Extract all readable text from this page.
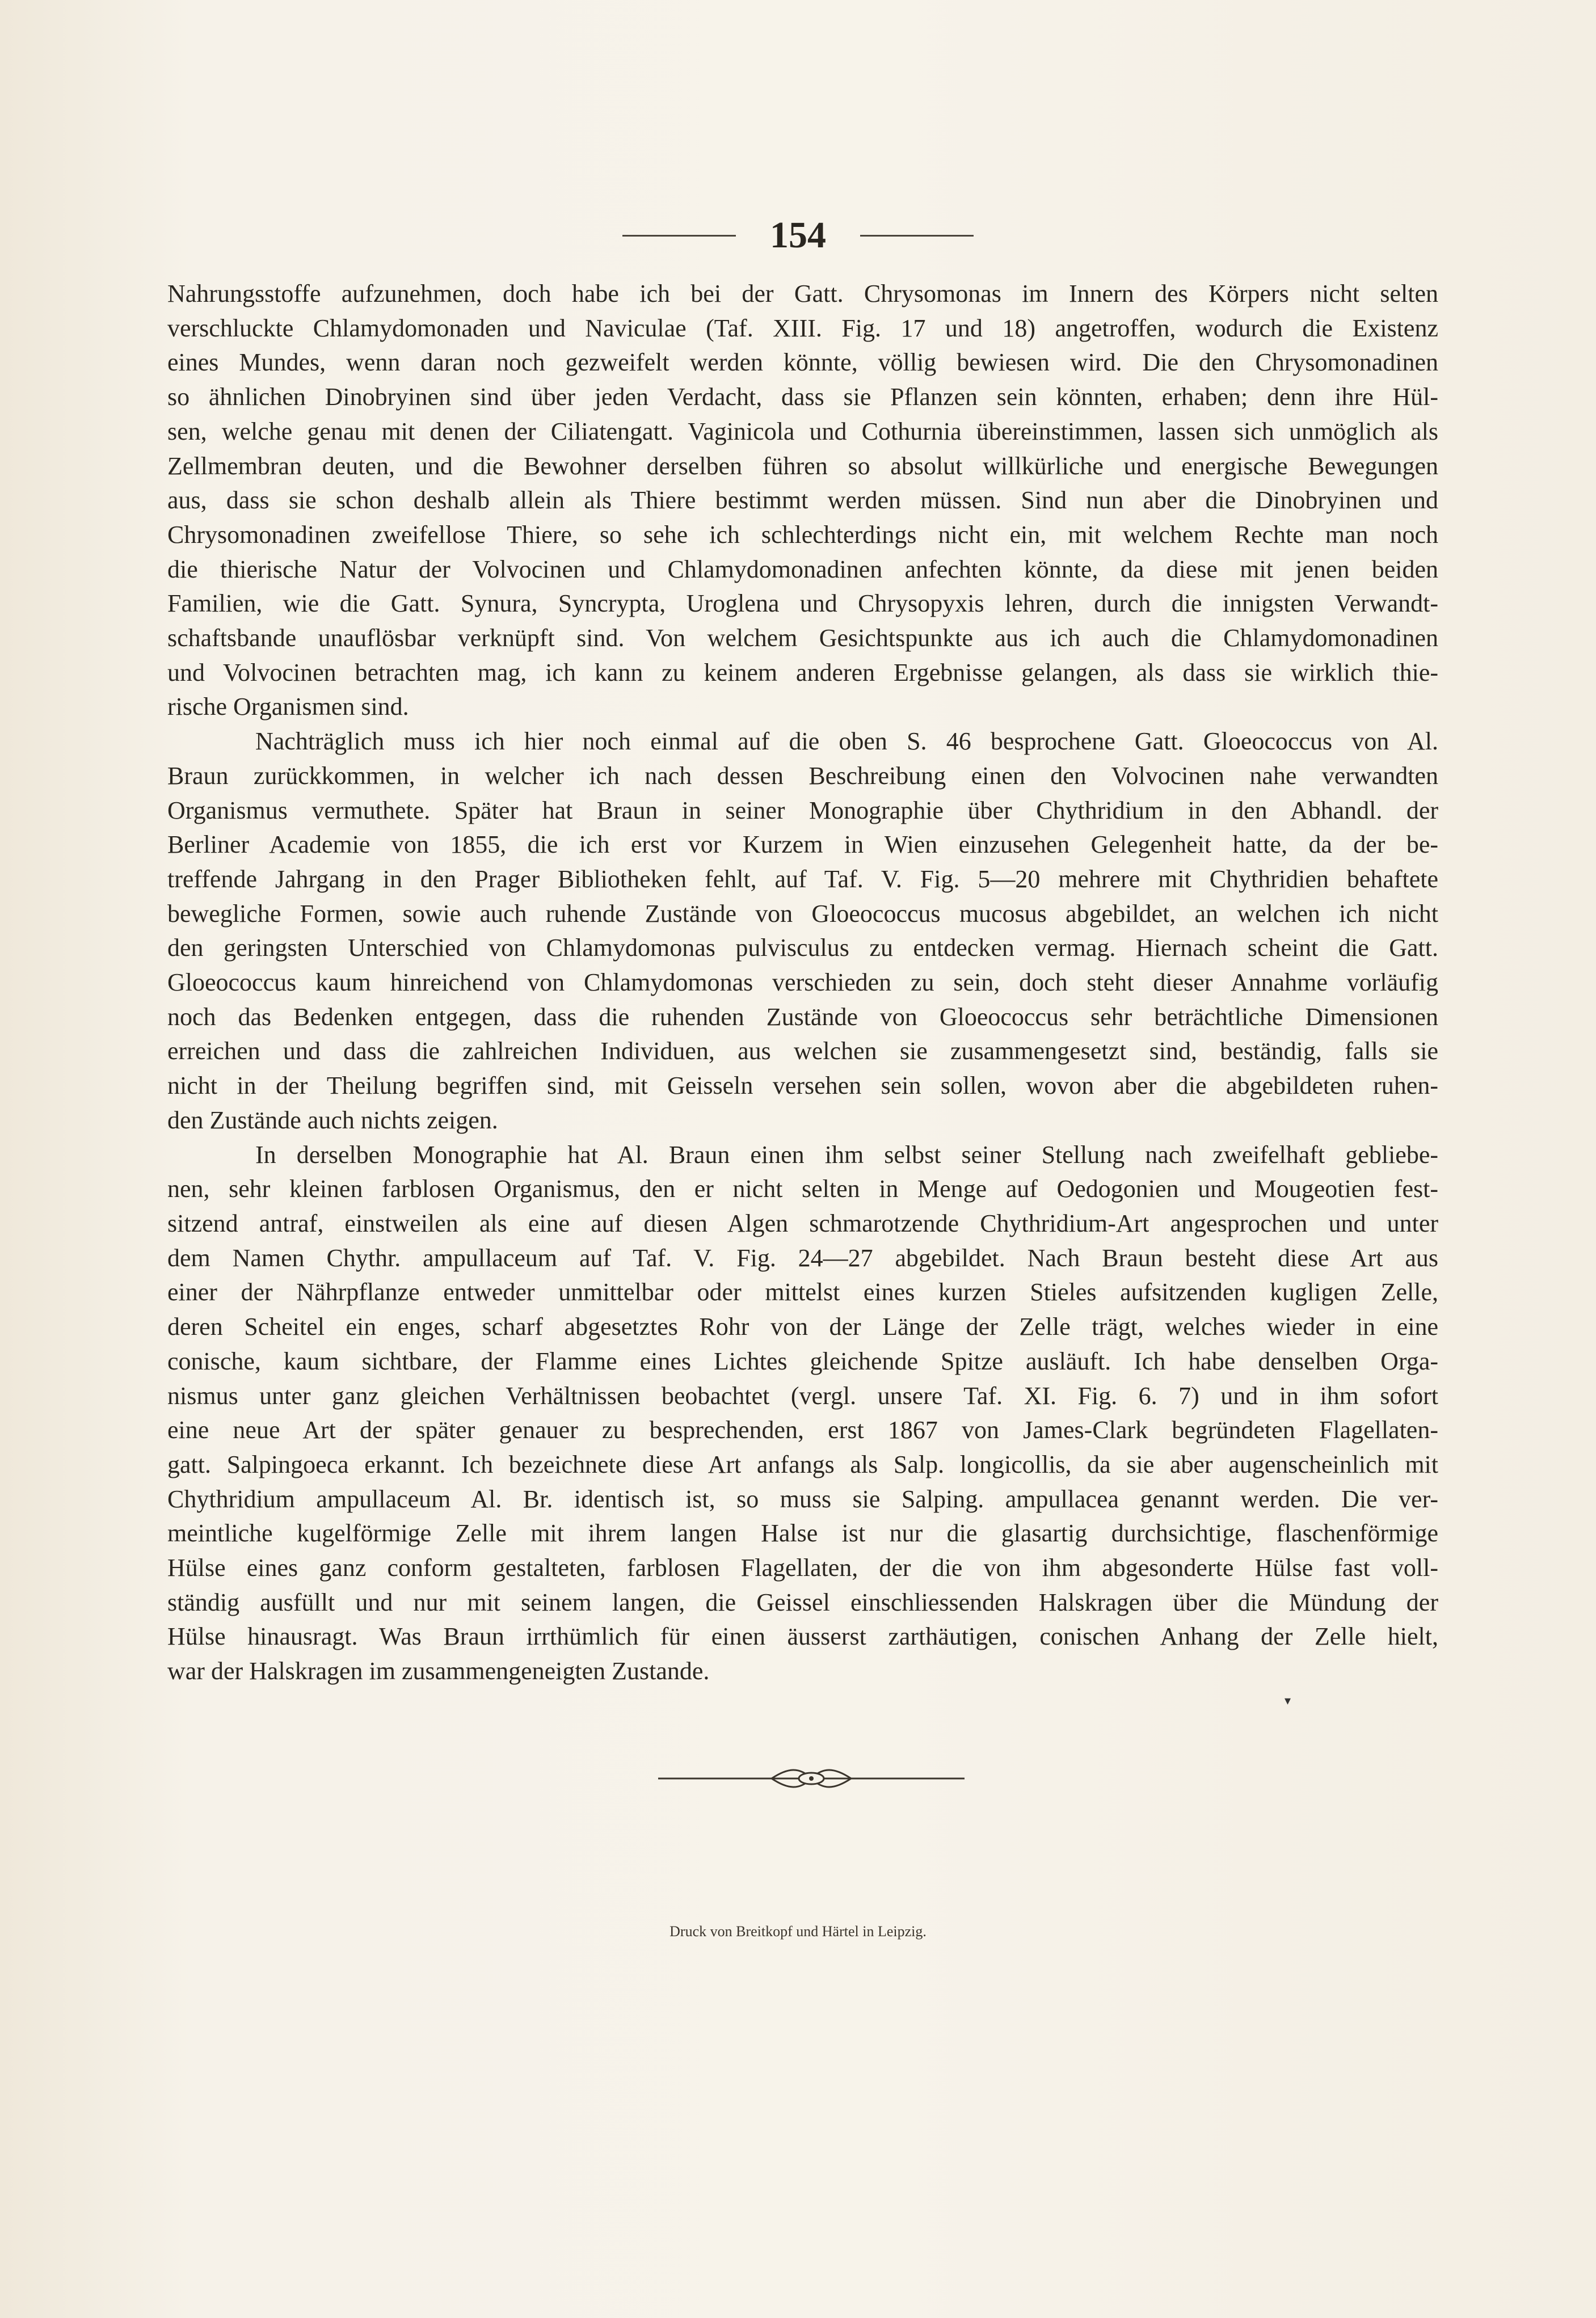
154
Nahrungsstoffe aufzunehmen, doch habe ich bei der Gatt. Chrysomonas im Innern des Körpers nicht selten
verschluckte Chlamydomonaden und Naviculae (Taf. XIII. Fig. 17 und 18) angetroffen, wodurch die Existenz
eines Mundes, wenn daran noch gezweifelt werden könnte, völlig bewiesen wird. Die den Chrysomonadinen
so ähnlichen Dinobryinen sind über jeden Verdacht, dass sie Pflanzen sein könnten, erhaben; denn ihre Hül-
sen, welche genau mit denen der Ciliatengatt. Vaginicola und Cothurnia übereinstimmen, lassen sich unmöglich als
Zellmembran deuten, und die Bewohner derselben führen so absolut willkürliche und energische Bewegungen
aus, dass sie schon deshalb allein als Thiere bestimmt werden müssen. Sind nun aber die Dinobryinen und
Chrysomonadinen zweifellose Thiere, so sehe ich schlechterdings nicht ein, mit welchem Rechte man noch
die thierische Natur der Volvocinen und Chlamydomonadinen anfechten könnte, da diese mit jenen beiden
Familien, wie die Gatt. Synura, Syncrypta, Uroglena und Chrysopyxis lehren, durch die innigsten Verwandt-
schaftsbande unauflösbar verknüpft sind. Von welchem Gesichtspunkte aus ich auch die Chlamydomonadinen
und Volvocinen betrachten mag, ich kann zu keinem anderen Ergebnisse gelangen, als dass sie wirklich thie-
rische Organismen sind.
Nachträglich muss ich hier noch einmal auf die oben S. 46 besprochene Gatt. Gloeococcus von Al.
Braun zurückkommen, in welcher ich nach dessen Beschreibung einen den Volvocinen nahe verwandten
Organismus vermuthete. Später hat Braun in seiner Monographie über Chythridium in den Abhandl. der
Berliner Academie von 1855, die ich erst vor Kurzem in Wien einzusehen Gelegenheit hatte, da der be-
treffende Jahrgang in den Prager Bibliotheken fehlt, auf Taf. V. Fig. 5—20 mehrere mit Chythridien behaftete
bewegliche Formen, sowie auch ruhende Zustände von Gloeococcus mucosus abgebildet, an welchen ich nicht
den geringsten Unterschied von Chlamydomonas pulvisculus zu entdecken vermag. Hiernach scheint die Gatt.
Gloeococcus kaum hinreichend von Chlamydomonas verschieden zu sein, doch steht dieser Annahme vorläufig
noch das Bedenken entgegen, dass die ruhenden Zustände von Gloeococcus sehr beträchtliche Dimensionen
erreichen und dass die zahlreichen Individuen, aus welchen sie zusammengesetzt sind, beständig, falls sie
nicht in der Theilung begriffen sind, mit Geisseln versehen sein sollen, wovon aber die abgebildeten ruhen-
den Zustände auch nichts zeigen.
In derselben Monographie hat Al. Braun einen ihm selbst seiner Stellung nach zweifelhaft gebliebe-
nen, sehr kleinen farblosen Organismus, den er nicht selten in Menge auf Oedogonien und Mougeotien fest-
sitzend antraf, einstweilen als eine auf diesen Algen schmarotzende Chythridium-Art angesprochen und unter
dem Namen Chythr. ampullaceum auf Taf. V. Fig. 24—27 abgebildet. Nach Braun besteht diese Art aus
einer der Nährpflanze entweder unmittelbar oder mittelst eines kurzen Stieles aufsitzenden kugligen Zelle,
deren Scheitel ein enges, scharf abgesetztes Rohr von der Länge der Zelle trägt, welches wieder in eine
conische, kaum sichtbare, der Flamme eines Lichtes gleichende Spitze ausläuft. Ich habe denselben Orga-
nismus unter ganz gleichen Verhältnissen beobachtet (vergl. unsere Taf. XI. Fig. 6. 7) und in ihm sofort
eine neue Art der später genauer zu besprechenden, erst 1867 von James-Clark begründeten Flagellaten-
gatt. Salpingoeca erkannt. Ich bezeichnete diese Art anfangs als Salp. longicollis, da sie aber augenscheinlich mit
Chythridium ampullaceum Al. Br. identisch ist, so muss sie Salping. ampullacea genannt werden. Die ver-
meintliche kugelförmige Zelle mit ihrem langen Halse ist nur die glasartig durchsichtige, flaschenförmige
Hülse eines ganz conform gestalteten, farblosen Flagellaten, der die von ihm abgesonderte Hülse fast voll-
ständig ausfüllt und nur mit seinem langen, die Geissel einschliessenden Halskragen über die Mündung der
Hülse hinausragt. Was Braun irrthümlich für einen äusserst zarthäutigen, conischen Anhang der Zelle hielt,
war der Halskragen im zusammengeneigten Zustande.
▾
Druck von Breitkopf und Härtel in Leipzig.
